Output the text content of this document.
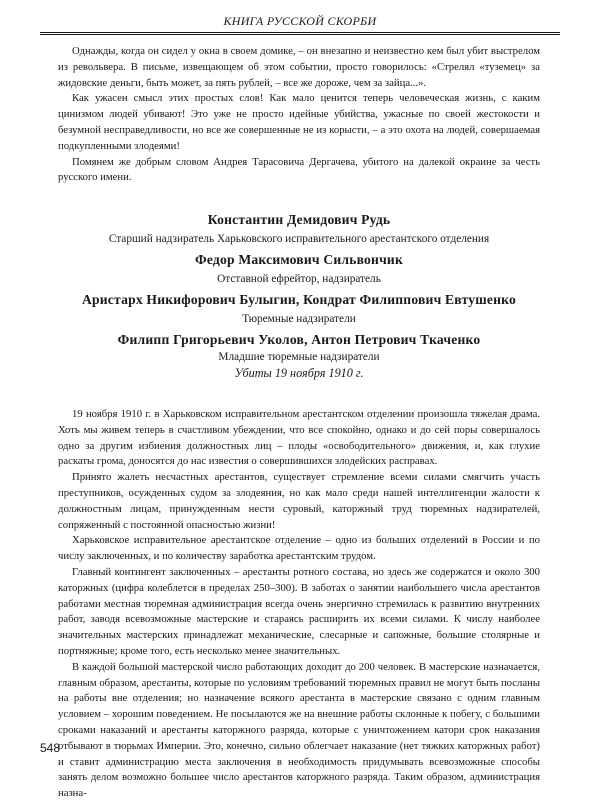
КНИГА РУССКОЙ СКОРБИ

Однажды, когда он сидел у окна в своем домике, – он внезапно и неизвестно кем был убит выстрелом из револьвера. В письме, извещающем об этом событии, просто говорилось: «Стрелял «туземец» за жидовские деньги, быть может, за пять рублей, – все же дороже, чем за зайца...».

Как ужасен смысл этих простых слов! Как мало ценится теперь человеческая жизнь, с каким цинизмом людей убивают! Это уже не просто идейные убийства, ужасные по своей жестокости и безумной несправедливости, но все же совершенные не из корысти, – а это охота на людей, совершаемая подкупленными злодеями!

Помянем же добрым словом Андрея Тарасовича Дергачева, убитого на далекой окраине за честь русского имени.

Константин Демидович Рудь
Старший надзиратель Харьковского исправительного арестантского отделения
Федор Максимович Сильвончик
Отставной ефрейтор, надзиратель
Аристарх Никифорович Булыгин, Кондрат Филиппович Евтушенко
Тюремные надзиратели
Филипп Григорьевич Уколов, Антон Петрович Ткаченко
Младшие тюремные надзиратели
Убиты 19 ноября 1910 г.

19 ноября 1910 г. в Харьковском исправительном арестантском отделении произошла тяжелая драма. Хоть мы живем теперь в счастливом убеждении, что все спокойно, однако и до сей поры совершалось одно за другим избиения должностных лиц – плоды «освободительного» движения, и, как глухие раскаты грома, доносятся до нас известия о совершившихся злодейских расправах.

Принято жалеть несчастных арестантов, существует стремление всеми силами смягчить участь преступников, осужденных судом за злодеяния, но как мало среди нашей интеллигенции жалости к должностным лицам, принужденным нести суровый, каторжный труд тюремных надзирателей, сопряженный с постоянной опасностью жизни!

Харьковское исправительное арестантское отделение – одно из больших отделений в России и по числу заключенных, и по количеству заработка арестантским трудом.

Главный контингент заключенных – арестанты ротного состава, но здесь же содержатся и около 300 каторжных (цифра колеблется в пределах 250–300). В заботах о занятии наибольшего числа арестантов работами местная тюремная администрация всегда очень энергично стремилась к развитию внутренних работ, заводя всевозможные мастерские и стараясь расширить их всеми силами. К числу наиболее значительных мастерских принадлежат механические, слесарные и сапожные, большие столярные и портняжные; кроме того, есть несколько менее значительных.

В каждой большой мастерской число работающих доходит до 200 человек. В мастерские назначается, главным образом, арестанты, которые по условиям требований тюремных правил не могут быть посланы на работы вне отделения; но назначение всякого арестанта в мастерские связано с одним главным условием – хорошим поведением. Не посылаются же на внешние работы склонные к побегу, с большими сроками наказаний и арестанты каторжного разряда, которые с уничтожением катори срок наказания отбывают в тюрьмах Империи. Это, конечно, сильно облегчает наказание (нет тяжких каторжных работ) и ставит администрацию места заключения в необходимость придумывать всевозможные способы занять делом возможно большее число арестантов каторжного разряда. Таким образом, администрация назна-

548
